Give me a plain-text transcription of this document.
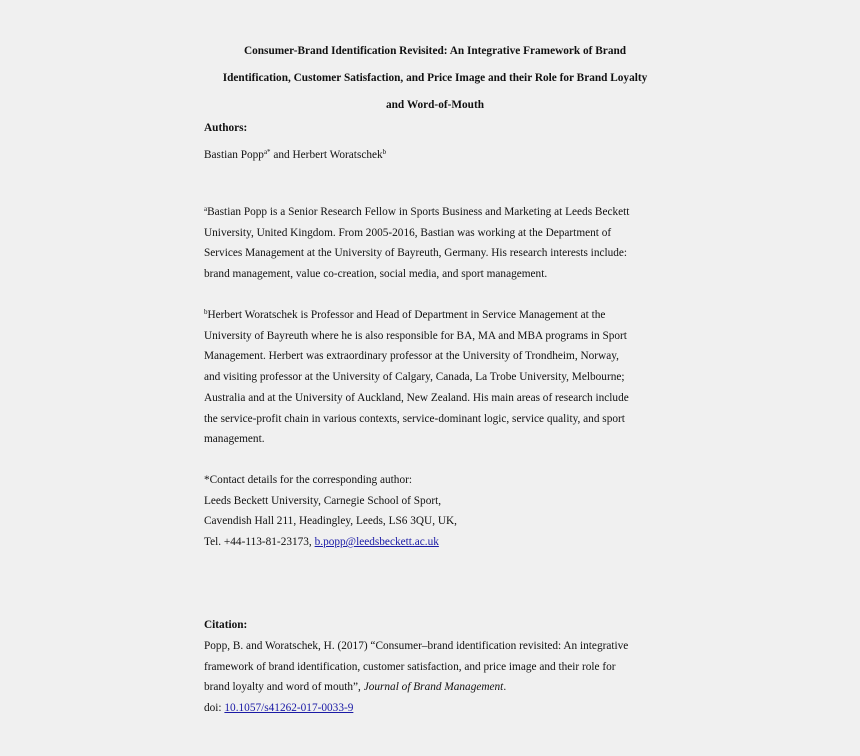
Consumer-Brand Identification Revisited: An Integrative Framework of Brand
Identification, Customer Satisfaction, and Price Image and their Role for Brand Loyalty
and Word-of-Mouth
Authors:
Bastian Popp$^{a*}$ and Herbert Woratschek$^b$
$^a$Bastian Popp is a Senior Research Fellow in Sports Business and Marketing at Leeds Beckett
University, United Kingdom. From 2005-2016, Bastian was working at the Department of
Services Management at the University of Bayreuth, Germany. His research interests include:
brand management, value co-creation, social media, and sport management.
$^b$Herbert Woratschek is Professor and Head of Department in Service Management at the
University of Bayreuth where he is also responsible for BA, MA and MBA programs in Sport
Management. Herbert was extraordinary professor at the University of Trondheim, Norway,
and visiting professor at the University of Calgary, Canada, La Trobe University, Melbourne;
Australia and at the University of Auckland, New Zealand. His main areas of research include
the service-profit chain in various contexts, service-dominant logic, service quality, and sport
management.
*Contact details for the corresponding author:
Leeds Beckett University, Carnegie School of Sport,
Cavendish Hall 211, Headingley, Leeds, LS6 3QU, UK,
Tel. +44-113-81-23173, b.popp@leedsbeckett.ac.uk
Citation:
Popp, B. and Woratschek, H. (2017) “Consumer–brand identification revisited: An integrative
framework of brand identification, customer satisfaction, and price image and their role for
brand loyalty and word of mouth”, Journal of Brand Management.
doi: 10.1057/s41262-017-0033-9
